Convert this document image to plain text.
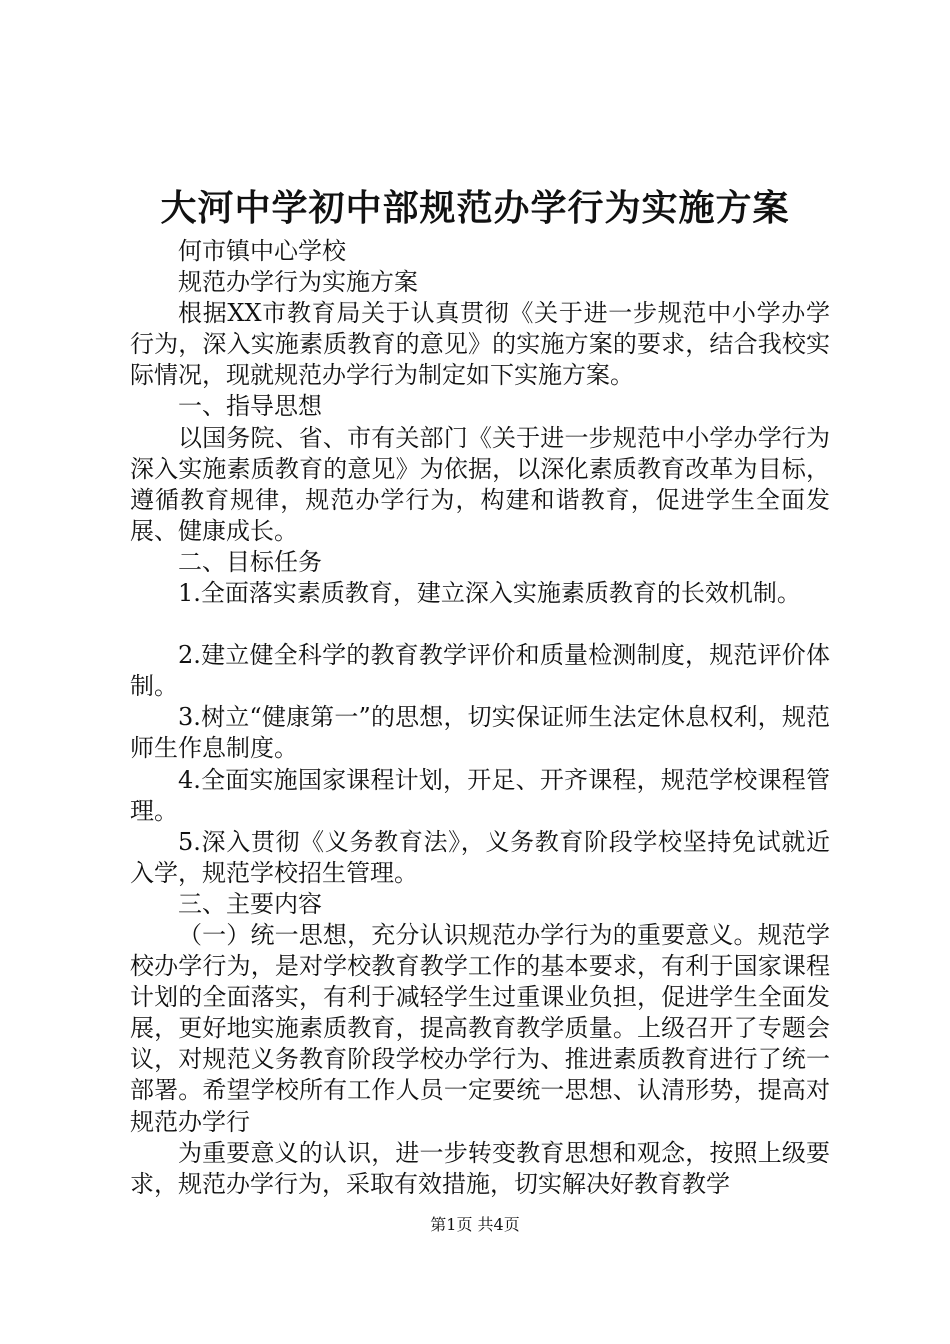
大河中学初中部规范办学行为实施方案

何市镇中心学校

规范办学行为实施方案

根据XX市教育局关于认真贯彻《关于进一步规范中小学办学行为，深入实施素质教育的意见》的实施方案的要求，结合我校实际情况，现就规范办学行为制定如下实施方案。

一、指导思想

以国务院、省、市有关部门《关于进一步规范中小学办学行为深入实施素质教育的意见》为依据，以深化素质教育改革为目标，遵循教育规律，规范办学行为，构建和谐教育，促进学生全面发展、健康成长。

二、目标任务

1.全面落实素质教育，建立深入实施素质教育的长效机制。

2.建立健全科学的教育教学评价和质量检测制度，规范评价体制。

3.树立“健康第一”的思想，切实保证师生法定休息权利，规范师生作息制度。

4.全面实施国家课程计划，开足、开齐课程，规范学校课程管理。

5.深入贯彻《义务教育法》，义务教育阶段学校坚持免试就近入学，规范学校招生管理。

三、主要内容

（一）统一思想，充分认识规范办学行为的重要意义。规范学校办学行为，是对学校教育教学工作的基本要求，有利于国家课程计划的全面落实，有利于减轻学生过重课业负担，促进学生全面发展，更好地实施素质教育，提高教育教学质量。上级召开了专题会议，对规范义务教育阶段学校办学行为、推进素质教育进行了统一部署。希望学校所有工作人员一定要统一思想、认清形势，提高对规范办学行

为重要意义的认识，进一步转变教育思想和观念，按照上级要求，规范办学行为，采取有效措施，切实解决好教育教学

第1页 共4页
